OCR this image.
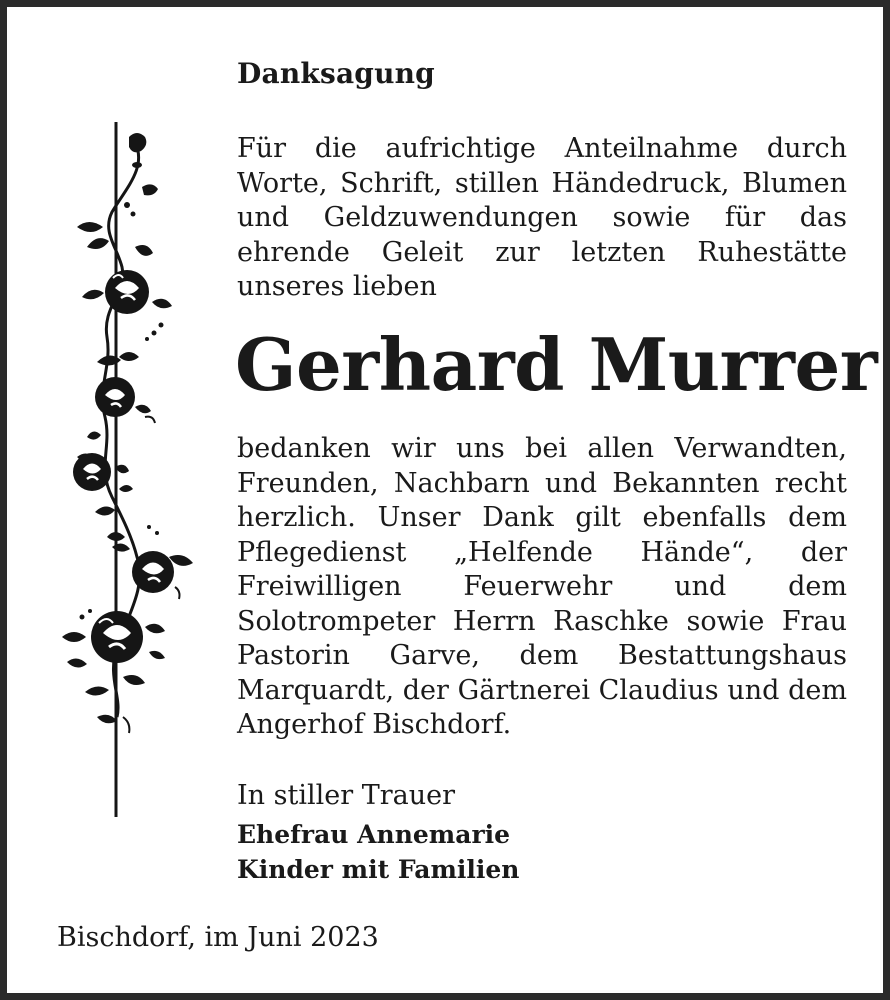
Danksagung
Für die aufrichtige Anteilnahme durch Worte, Schrift, stillen Händedruck, Blumen und Geldzuwendungen sowie für das ehrende Geleit zur letzten Ruhestätte unseres lieben
Gerhard Murrer
bedanken wir uns bei allen Verwandten, Freunden, Nachbarn und Bekannten recht herzlich. Unser Dank gilt ebenfalls dem Pflegedienst „Helfende Hände“, der Freiwilligen Feuerwehr und dem Solotrompeter Herrn Raschke sowie Frau Pastorin Garve, dem Bestattungshaus Marquardt, der Gärtnerei Claudius und dem Angerhof Bischdorf.
In stiller Trauer
Ehefrau Annemarie
Kinder mit Familien
Bischdorf, im Juni 2023
